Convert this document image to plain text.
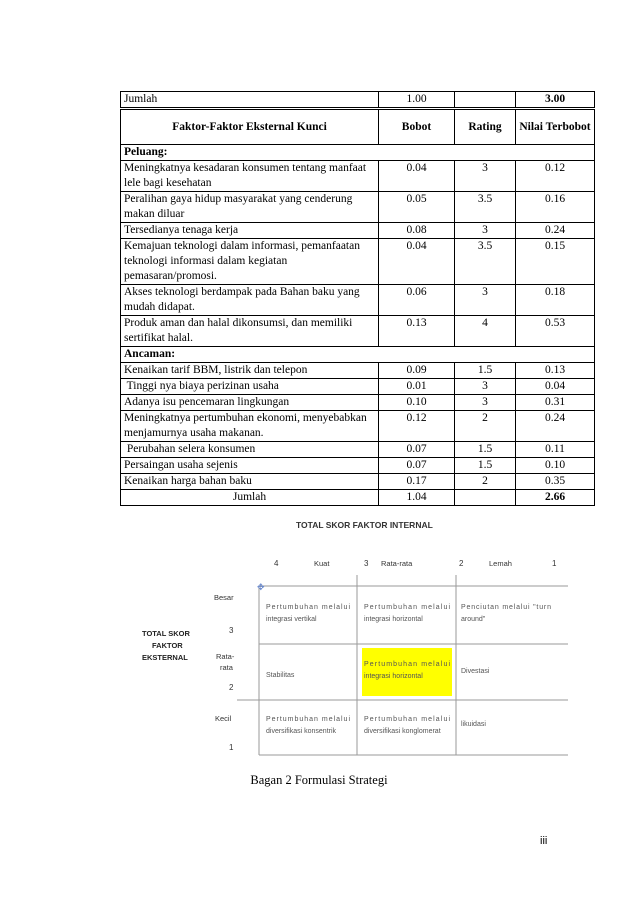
Jumlah	1.00		3.00
Faktor-Faktor Eksternal Kunci	Bobot	Rating	Nilai Terbobot
Peluang:			
Meningkatnya kesadaran konsumen tentang manfaat lele bagi kesehatan	0.04	3	0.12
Peralihan gaya hidup masyarakat yang cenderung makan diluar	0.05	3.5	0.16
Tersedianya tenaga kerja	0.08	3	0.24
Kemajuan teknologi dalam informasi, pemanfaatan teknologi informasi dalam kegiatan pemasaran/promosi.	0.04	3.5	0.15
Akses teknologi berdampak pada Bahan baku yang mudah didapat.	0.06	3	0.18
Produk aman dan halal dikonsumsi, dan memiliki sertifikat halal.	0.13	4	0.53
Ancaman:			
Kenaikan tarif BBM, listrik dan telepon	0.09	1.5	0.13
Tinggi nya biaya perizinan usaha	0.01	3	0.04
Adanya isu pencemaran lingkungan	0.10	3	0.31
Meningkatnya pertumbuhan ekonomi, menyebabkan menjamurnya usaha makanan.	0.12	2	0.24
Perubahan selera konsumen	0.07	1.5	0.11
Persaingan usaha sejenis	0.07	1.5	0.10
Kenaikan harga bahan baku	0.17	2	0.35
Jumlah	1.04		2.66
TOTAL SKOR FAKTOR INTERNAL
4	Kuat	3 Rata-rata	2	Lemah	1
TOTAL SKOR
FAKTOR
EKSTERNAL
Besar
3
Rata-
rata
2
Kecil
1
✥
Pertumbuhan melalui
integrasi vertikal
Pertumbuhan melalui
integrasi horizontal
Penciutan melalui "turn
around"
Stabilitas
Pertumbuhan melalui
integrasi horizontal
Divestasi
Pertumbuhan melalui
diversifikasi konsentrik
Pertumbuhan melalui
diversifikasi konglomerat
likuidasi
Bagan 2 Formulasi Strategi
iii
